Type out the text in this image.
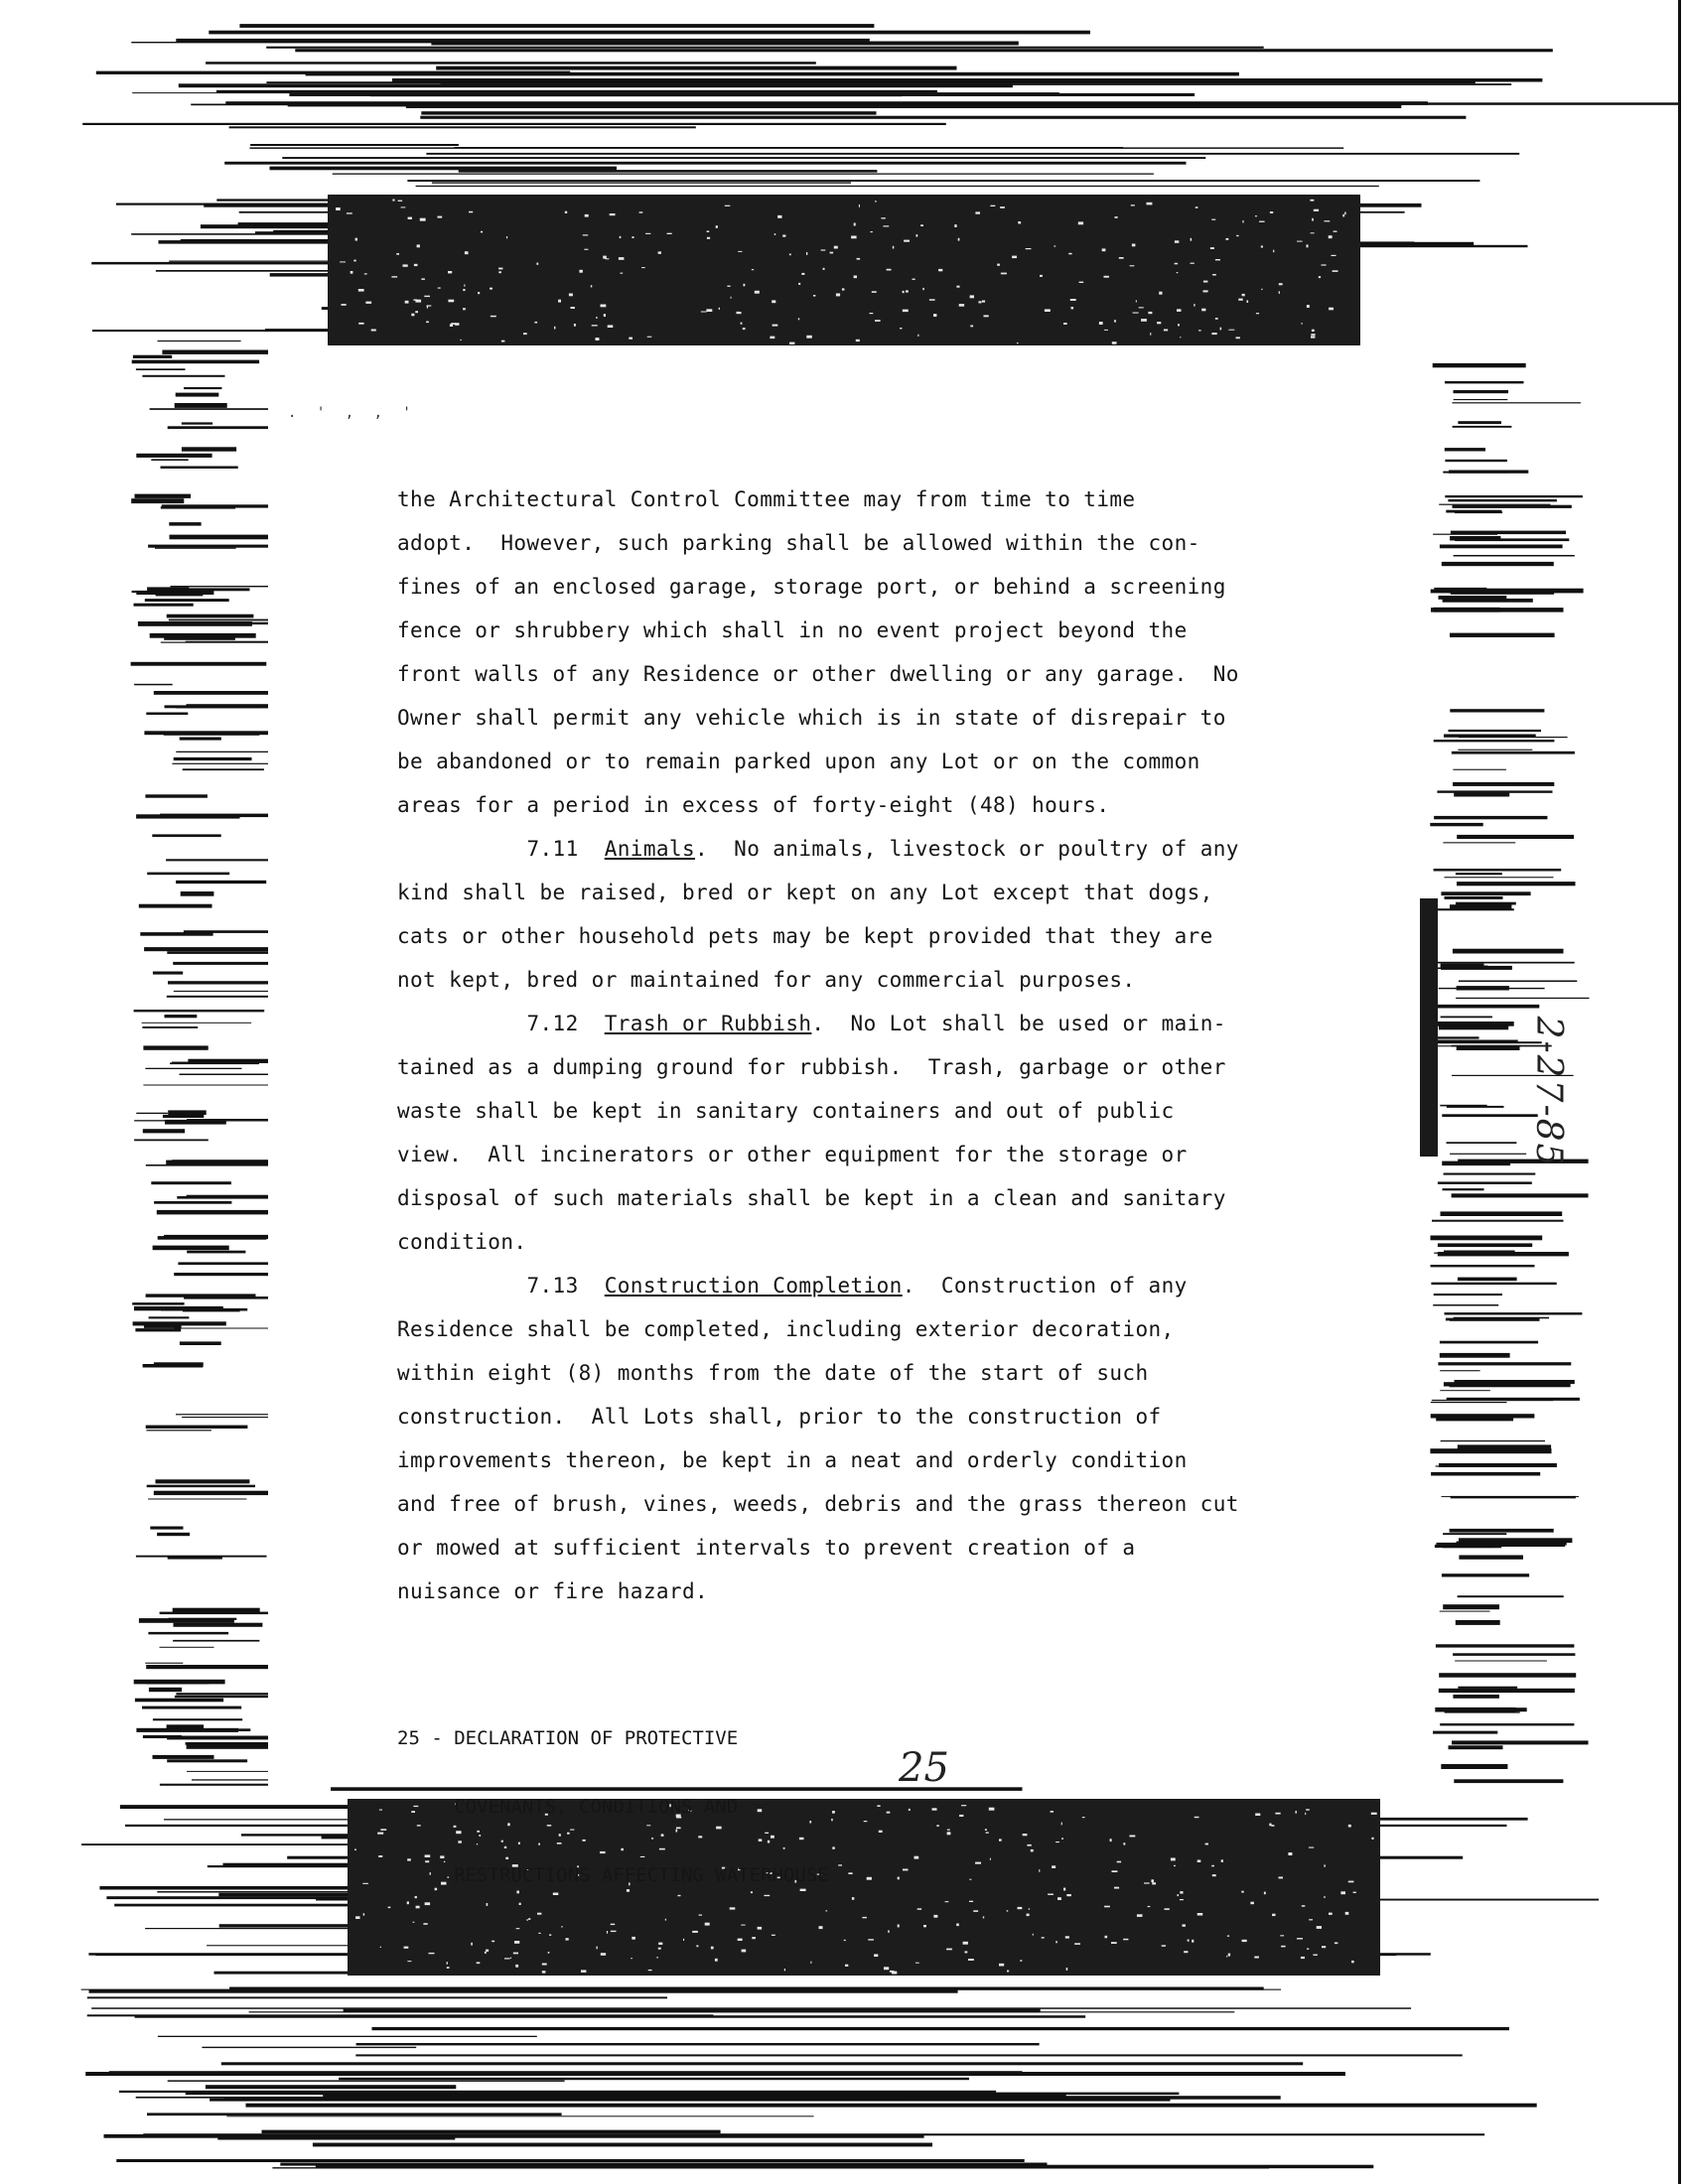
. ' , , '
the Architectural Control Committee may from time to time
adopt.  However, such parking shall be allowed within the con-
fines of an enclosed garage, storage port, or behind a screening
fence or shrubbery which shall in no event project beyond the
front walls of any Residence or other dwelling or any garage.  No
Owner shall permit any vehicle which is in state of disrepair to
be abandoned or to remain parked upon any Lot or on the common
areas for a period in excess of forty-eight (48) hours.
7.11 Animals.  No animals, livestock or poultry of any
kind shall be raised, bred or kept on any Lot except that dogs,
cats or other household pets may be kept provided that they are
not kept, bred or maintained for any commercial purposes.
7.12 Trash or Rubbish.  No Lot shall be used or main-
tained as a dumping ground for rubbish.  Trash, garbage or other
waste shall be kept in sanitary containers and out of public
view.  All incinerators or other equipment for the storage or
disposal of such materials shall be kept in a clean and sanitary
condition.
7.13 Construction Completion.  Construction of any
Residence shall be completed, including exterior decoration,
within eight (8) months from the date of the start of such
construction.  All Lots shall, prior to the construction of
improvements thereon, be kept in a neat and orderly condition
and free of brush, vines, weeds, debris and the grass thereon cut
or mowed at sufficient intervals to prevent creation of a
nuisance or fire hazard.

25 - DECLARATION OF PROTECTIVE

COVENANTS, CONDITIONS AND

RESTRUCTIONS AFFECTING WATERHOUSE

25
2-27-85
